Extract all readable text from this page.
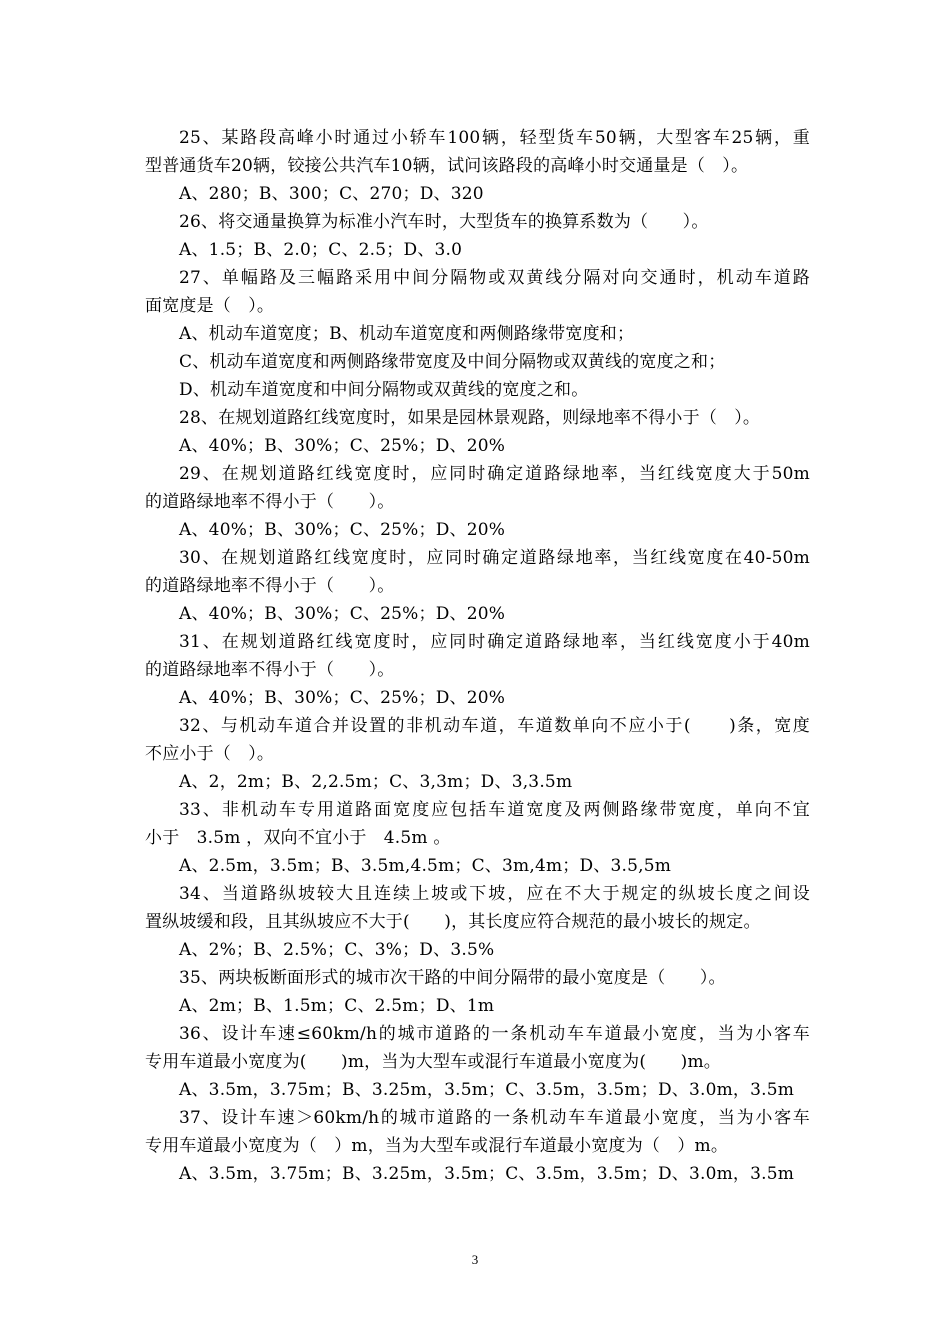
25、某路段高峰小时通过小轿车100辆，轻型货车50辆，大型客车25辆，重
型普通货车20辆，铰接公共汽车10辆，试问该路段的高峰小时交通量是（　）。
A、280；B、300；C、270；D、320
26、将交通量换算为标准小汽车时，大型货车的换算系数为（　　）。
A、1.5；B、2.0；C、2.5；D、3.0
27、单幅路及三幅路采用中间分隔物或双黄线分隔对向交通时，机动车道路
面宽度是（　）。
A、机动车道宽度；B、机动车道宽度和两侧路缘带宽度和；
C、机动车道宽度和两侧路缘带宽度及中间分隔物或双黄线的宽度之和；
D、机动车道宽度和中间分隔物或双黄线的宽度之和。
28、在规划道路红线宽度时，如果是园林景观路，则绿地率不得小于（　）。
A、40%；B、30%；C、25%；D、20%
29、在规划道路红线宽度时，应同时确定道路绿地率，当红线宽度大于50m
的道路绿地率不得小于（　　）。
A、40%；B、30%；C、25%；D、20%
30、在规划道路红线宽度时，应同时确定道路绿地率，当红线宽度在40-50m
的道路绿地率不得小于（　　）。
A、40%；B、30%；C、25%；D、20%
31、在规划道路红线宽度时，应同时确定道路绿地率，当红线宽度小于40m
的道路绿地率不得小于（　　）。
A、40%；B、30%；C、25%；D、20%
32、与机动车道合并设置的非机动车道，车道数单向不应小于(　　)条，宽度
不应小于（　）。
A、2，2m；B、2,2.5m；C、3,3m；D、3,3.5m
33、非机动车专用道路面宽度应包括车道宽度及两侧路缘带宽度，单向不宜
小于　3.5m ，双向不宜小于　4.5m 。
A、2.5m，3.5m；B、3.5m,4.5m；C、3m,4m；D、3.5,5m
34、当道路纵坡较大且连续上坡或下坡，应在不大于规定的纵坡长度之间设
置纵坡缓和段，且其纵坡应不大于(　　)，其长度应符合规范的最小坡长的规定。
A、2%；B、2.5%；C、3%；D、3.5%
35、两块板断面形式的城市次干路的中间分隔带的最小宽度是（　　）。
A、2m；B、1.5m；C、2.5m；D、1m
36、设计车速≤60km/h的城市道路的一条机动车车道最小宽度，当为小客车
专用车道最小宽度为(　　)m，当为大型车或混行车道最小宽度为(　　)m。
A、3.5m，3.75m；B、3.25m，3.5m；C、3.5m，3.5m；D、3.0m，3.5m
37、设计车速＞60km/h的城市道路的一条机动车车道最小宽度，当为小客车
专用车道最小宽度为（　）m，当为大型车或混行车道最小宽度为（　）m。
A、3.5m，3.75m；B、3.25m，3.5m；C、3.5m，3.5m；D、3.0m，3.5m
3
